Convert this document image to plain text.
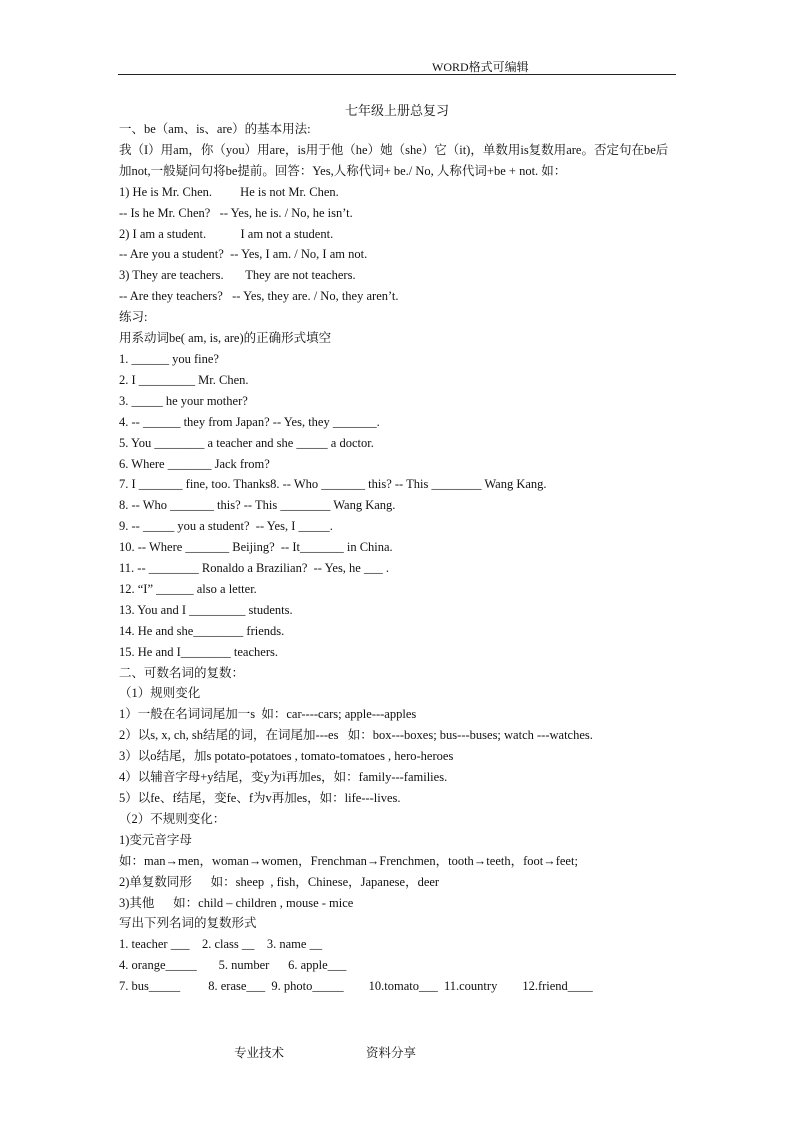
WORD格式可编辑
七年级上册总复习
一、be（am、is、are）的基本用法:
我（I）用am，你（you）用are，is用于他（he）她（she）它（it)，单数用is复数用are。否定句在be后加not,一般疑问句将be提前。回答：Yes,人称代词+ be./ No, 人称代词+be + not. 如：
1) He is Mr. Chen.         He is not Mr. Chen.
-- Is he Mr. Chen?   -- Yes, he is. / No, he isn’t.
2) I am a student.           I am not a student.
-- Are you a student?  -- Yes, I am. / No, I am not.
3) They are teachers.       They are not teachers.
-- Are they teachers?   -- Yes, they are. / No, they aren’t.
练习:
用系动词be( am, is, are)的正确形式填空
1. ______ you fine?
2. I _________ Mr. Chen.
3. _____ he your mother?
4. -- ______ they from Japan? -- Yes, they _______.
5. You ________ a teacher and she _____ a doctor.
6. Where _______ Jack from?
7. I _______ fine, too. Thanks8. -- Who _______ this? -- This ________ Wang Kang.
8. -- Who _______ this? -- This ________ Wang Kang.
9. -- _____ you a student?  -- Yes, I _____.
10. -- Where _______ Beijing?  -- It_______ in China.
11. -- ________ Ronaldo a Brazilian?  -- Yes, he ___ .
12. “I” ______ also a letter.
13. You and I _________ students.
14. He and she________ friends.
15. He and I________ teachers.
二、可数名词的复数：
（1）规则变化
1）一般在名词词尾加一s  如：car----cars; apple---apples
2）以s, x, ch, sh结尾的词，在词尾加---es   如：box---boxes; bus---buses; watch ---watches.
3）以o结尾，加s potato-potatoes , tomato-tomatoes , hero-heroes
4）以辅音字母+y结尾，变y为i再加es，如：family---families.
5）以fe、f结尾，变fe、f为v再加es，如：life---lives.
（2）不规则变化：
1)变元音字母
如：man→men，woman→women，Frenchman→Frenchmen，tooth→teeth，foot→feet;
2)单复数同形      如：sheep  , fish，Chinese，Japanese，deer
3)其他      如：child – children , mouse - mice
写出下列名词的复数形式
1. teacher ___    2. class __    3. name __
4. orange_____       5. number      6. apple___
7. bus_____         8. erase___  9. photo_____        10.tomato___  11.country        12.friend____
专业技术	资料分享
